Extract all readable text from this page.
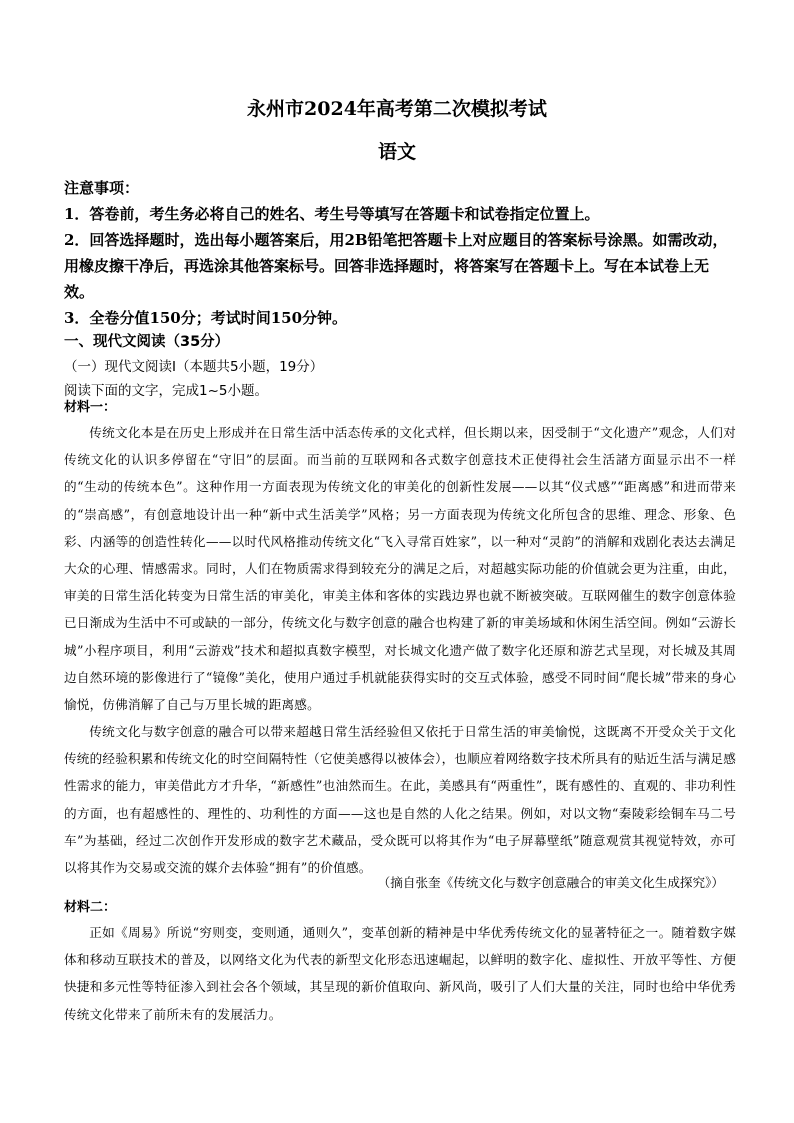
永州市2024年高考第二次模拟考试
语文

注意事项：

1．答卷前，考生务必将自己的姓名、考生号等填写在答题卡和试卷指定位置上。

2．回答选择题时，选出每小题答案后，用2B铅笔把答题卡上对应题目的答案标号涂黑。如需改动，用橡皮擦干净后，再选涂其他答案标号。回答非选择题时，将答案写在答题卡上。写在本试卷上无效。

3．全卷分值150分；考试时间150分钟。

一、现代文阅读（35分）
（一）现代文阅读Ⅰ（本题共5小题，19分）
阅读下面的文字，完成1~5小题。
材料一：

传统文化本是在历史上形成并在日常生活中活态传承的文化式样，但长期以来，因受制于“文化遗产”观念，人们对传统文化的认识多停留在“守旧”的层面。而当前的互联网和各式数字创意技术正使得社会生活諸方面显示出不一样的“生动的传统本色”。这种作用一方面表现为传统文化的审美化的创新性发展——以其“仪式感”“距离感”和进而带来的“崇高感”，有创意地设计出一种“新中式生活美学”风格；另一方面表现为传统文化所包含的思维、理念、形象、色彩、内涵等的创造性转化——以时代风格推动传统文化“飞入寻常百姓家”，以一种对“灵韵”的消解和戏剧化表达去满足大众的心理、情感需求。同时，人们在物质需求得到较充分的满足之后，对超越实际功能的价值就会更为注重，由此，审美的日常生活化转变为日常生活的审美化，审美主体和客体的实践边界也就不断被突破。互联网催生的数字创意体验已日渐成为生活中不可或缺的一部分，传统文化与数字创意的融合也构建了新的审美场域和休闲生活空间。例如“云游长城”小程序项目，利用“云游戏”技术和超拟真数字模型，对长城文化遗产做了数字化还原和游艺式呈现，对长城及其周边自然环境的影像进行了“镜像”美化，使用户通过手机就能获得实时的交互式体验，感受不同时间“爬长城”带来的身心愉悦，仿佛消解了自己与万里长城的距离感。

传统文化与数字创意的融合可以带来超越日常生活经验但又依托于日常生活的审美愉悦，这既离不开受众关于文化传统的经验积累和传统文化的时空间隔特性（它使美感得以被体会），也顺应着网络数字技术所具有的贴近生活与满足感性需求的能力，审美借此方才升华，“新感性”也油然而生。在此，美感具有“两重性”，既有感性的、直观的、非功利性的方面，也有超感性的、理性的、功利性的方面——这也是自然的人化之结果。例如，对以文物“秦陵彩绘铜车马二号车”为基础，经过二次创作开发形成的数字艺术藏品，受众既可以将其作为“电子屏幕壁纸”随意观赏其视觉特效，亦可以将其作为交易或交流的媒介去体验“拥有”的价值感。

（摘自张奎《传统文化与数字创意融合的审美文化生成探究》）
材料二：

正如《周易》所说“穷则变，变则通，通则久”，变革创新的精神是中华优秀传统文化的显著特征之一。随着数字媒体和移动互联技术的普及，以网络文化为代表的新型文化形态迅速崛起，以鲜明的数字化、虚拟性、开放平等性、方便快捷和多元性等特征渗入到社会各个领域，其呈现的新价值取向、新风尚，吸引了人们大量的关注，同时也给中华优秀传统文化带来了前所未有的发展活力。
